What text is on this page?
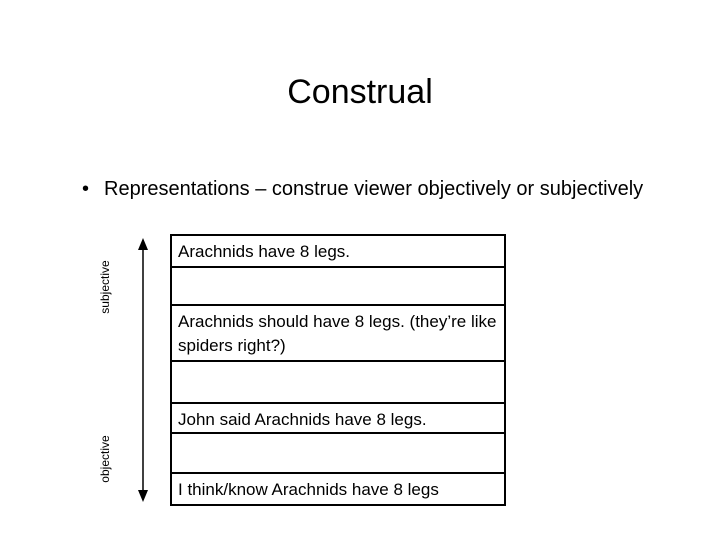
Construal
• Representations – construe viewer objectively or subjectively
subjective
objective
Arachnids have 8 legs.
Arachnids should have 8 legs. (they’re like spiders right?)
John said Arachnids have 8 legs.
I think/know Arachnids have 8 legs
